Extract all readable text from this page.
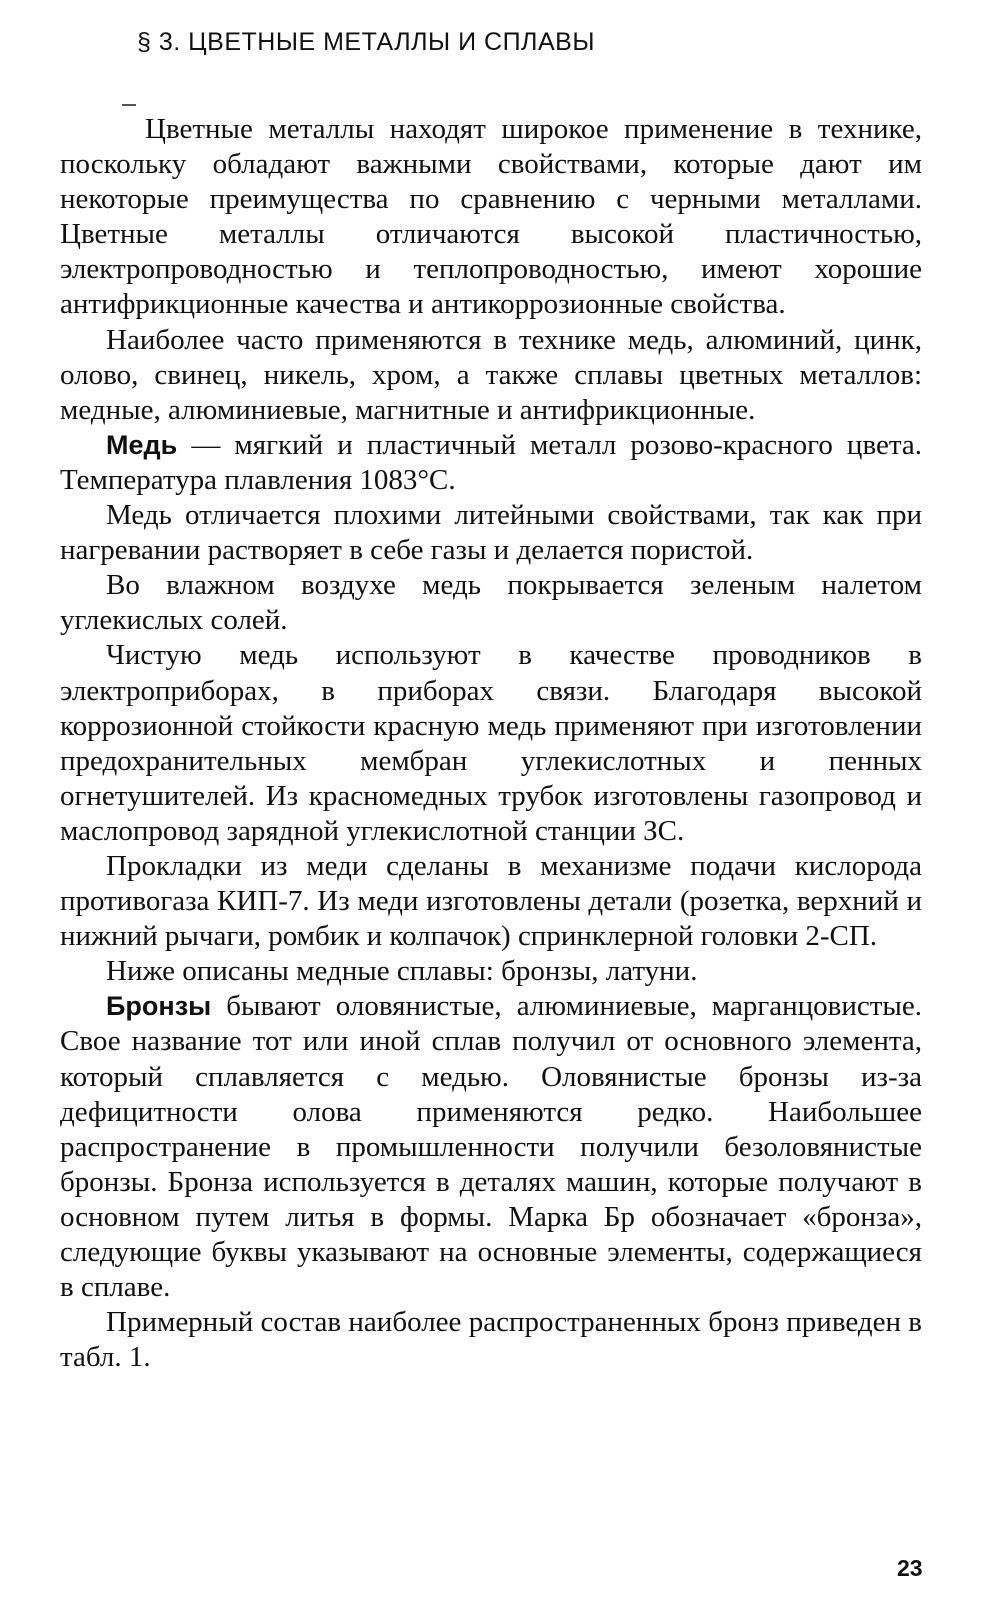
§ 3. ЦВЕТНЫЕ МЕТАЛЛЫ И СПЛАВЫ

Цветные металлы находят широкое применение в технике, поскольку обладают важными свойствами, которые дают им некоторые преимущества по сравнению с черными металлами. Цветные металлы отличаются высокой пластичностью, электропроводностью и теплопроводностью, имеют хорошие антифрикционные качества и антикоррозионные свойства.

Наиболее часто применяются в технике медь, алюминий, цинк, олово, свинец, никель, хром, а также сплавы цветных металлов: медные, алюминиевые, магнитные и антифрикционные.

Медь — мягкий и пластичный металл розово-красного цвета. Температура плавления 1083°С.

Медь отличается плохими литейными свойствами, так как при нагревании растворяет в себе газы и делается пористой.

Во влажном воздухе медь покрывается зеленым налетом углекислых солей.

Чистую медь используют в качестве проводников в электроприборах, в приборах связи. Благодаря высокой коррозионной стойкости красную медь применяют при изготовлении предохранительных мембран углекислотных и пенных огнетушителей. Из красномедных трубок изготовлены газопровод и маслопровод зарядной углекислотной станции ЗС.

Прокладки из меди сделаны в механизме подачи кислорода противогаза КИП-7. Из меди изготовлены детали (розетка, верхний и нижний рычаги, ромбик и колпачок) спринклерной головки 2-СП.

Ниже описаны медные сплавы: бронзы, латуни.

Бронзы бывают оловянистые, алюминиевые, марганцовистые. Свое название тот или иной сплав получил от основного элемента, который сплавляется с медью. Оловянистые бронзы из-за дефицитности олова применяются редко. Наибольшее распространение в промышленности получили безоловянистые бронзы. Бронза используется в деталях машин, которые получают в основном путем литья в формы. Марка Бр обозначает «бронза», следующие буквы указывают на основные элементы, содержащиеся в сплаве.

Примерный состав наиболее распространенных бронз приведен в табл. 1.

23
